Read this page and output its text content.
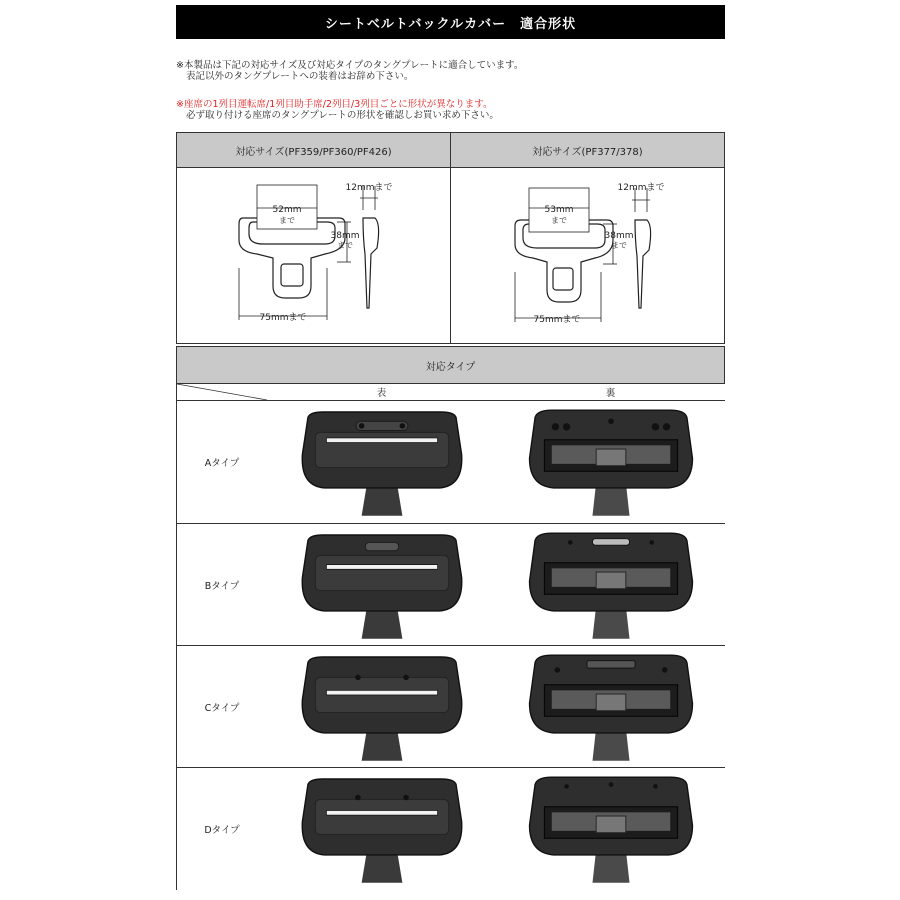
シートベルトバックルカバー　適合形状

※本製品は下記の対応サイズ及び対応タイプのタングプレートに適合しています。

表記以外のタングプレートへの装着はお辞め下さい。

※座席の1列目運転席/1列目助手席/2列目/3列目ごとに形状が異なります。

必ず取り付ける座席のタングプレートの形状を確認しお買い求め下さい。

対応サイズ(PF359/PF360/PF426)	対応サイズ(PF377/378)
52mm
まで
12mmまで
38mm
まで
75mmまで
53mm
まで
12mmまで
38mm
まで
75mmまで
対応タイプ
表	裏
Aタイプ
Bタイプ
Cタイプ
Dタイプ
